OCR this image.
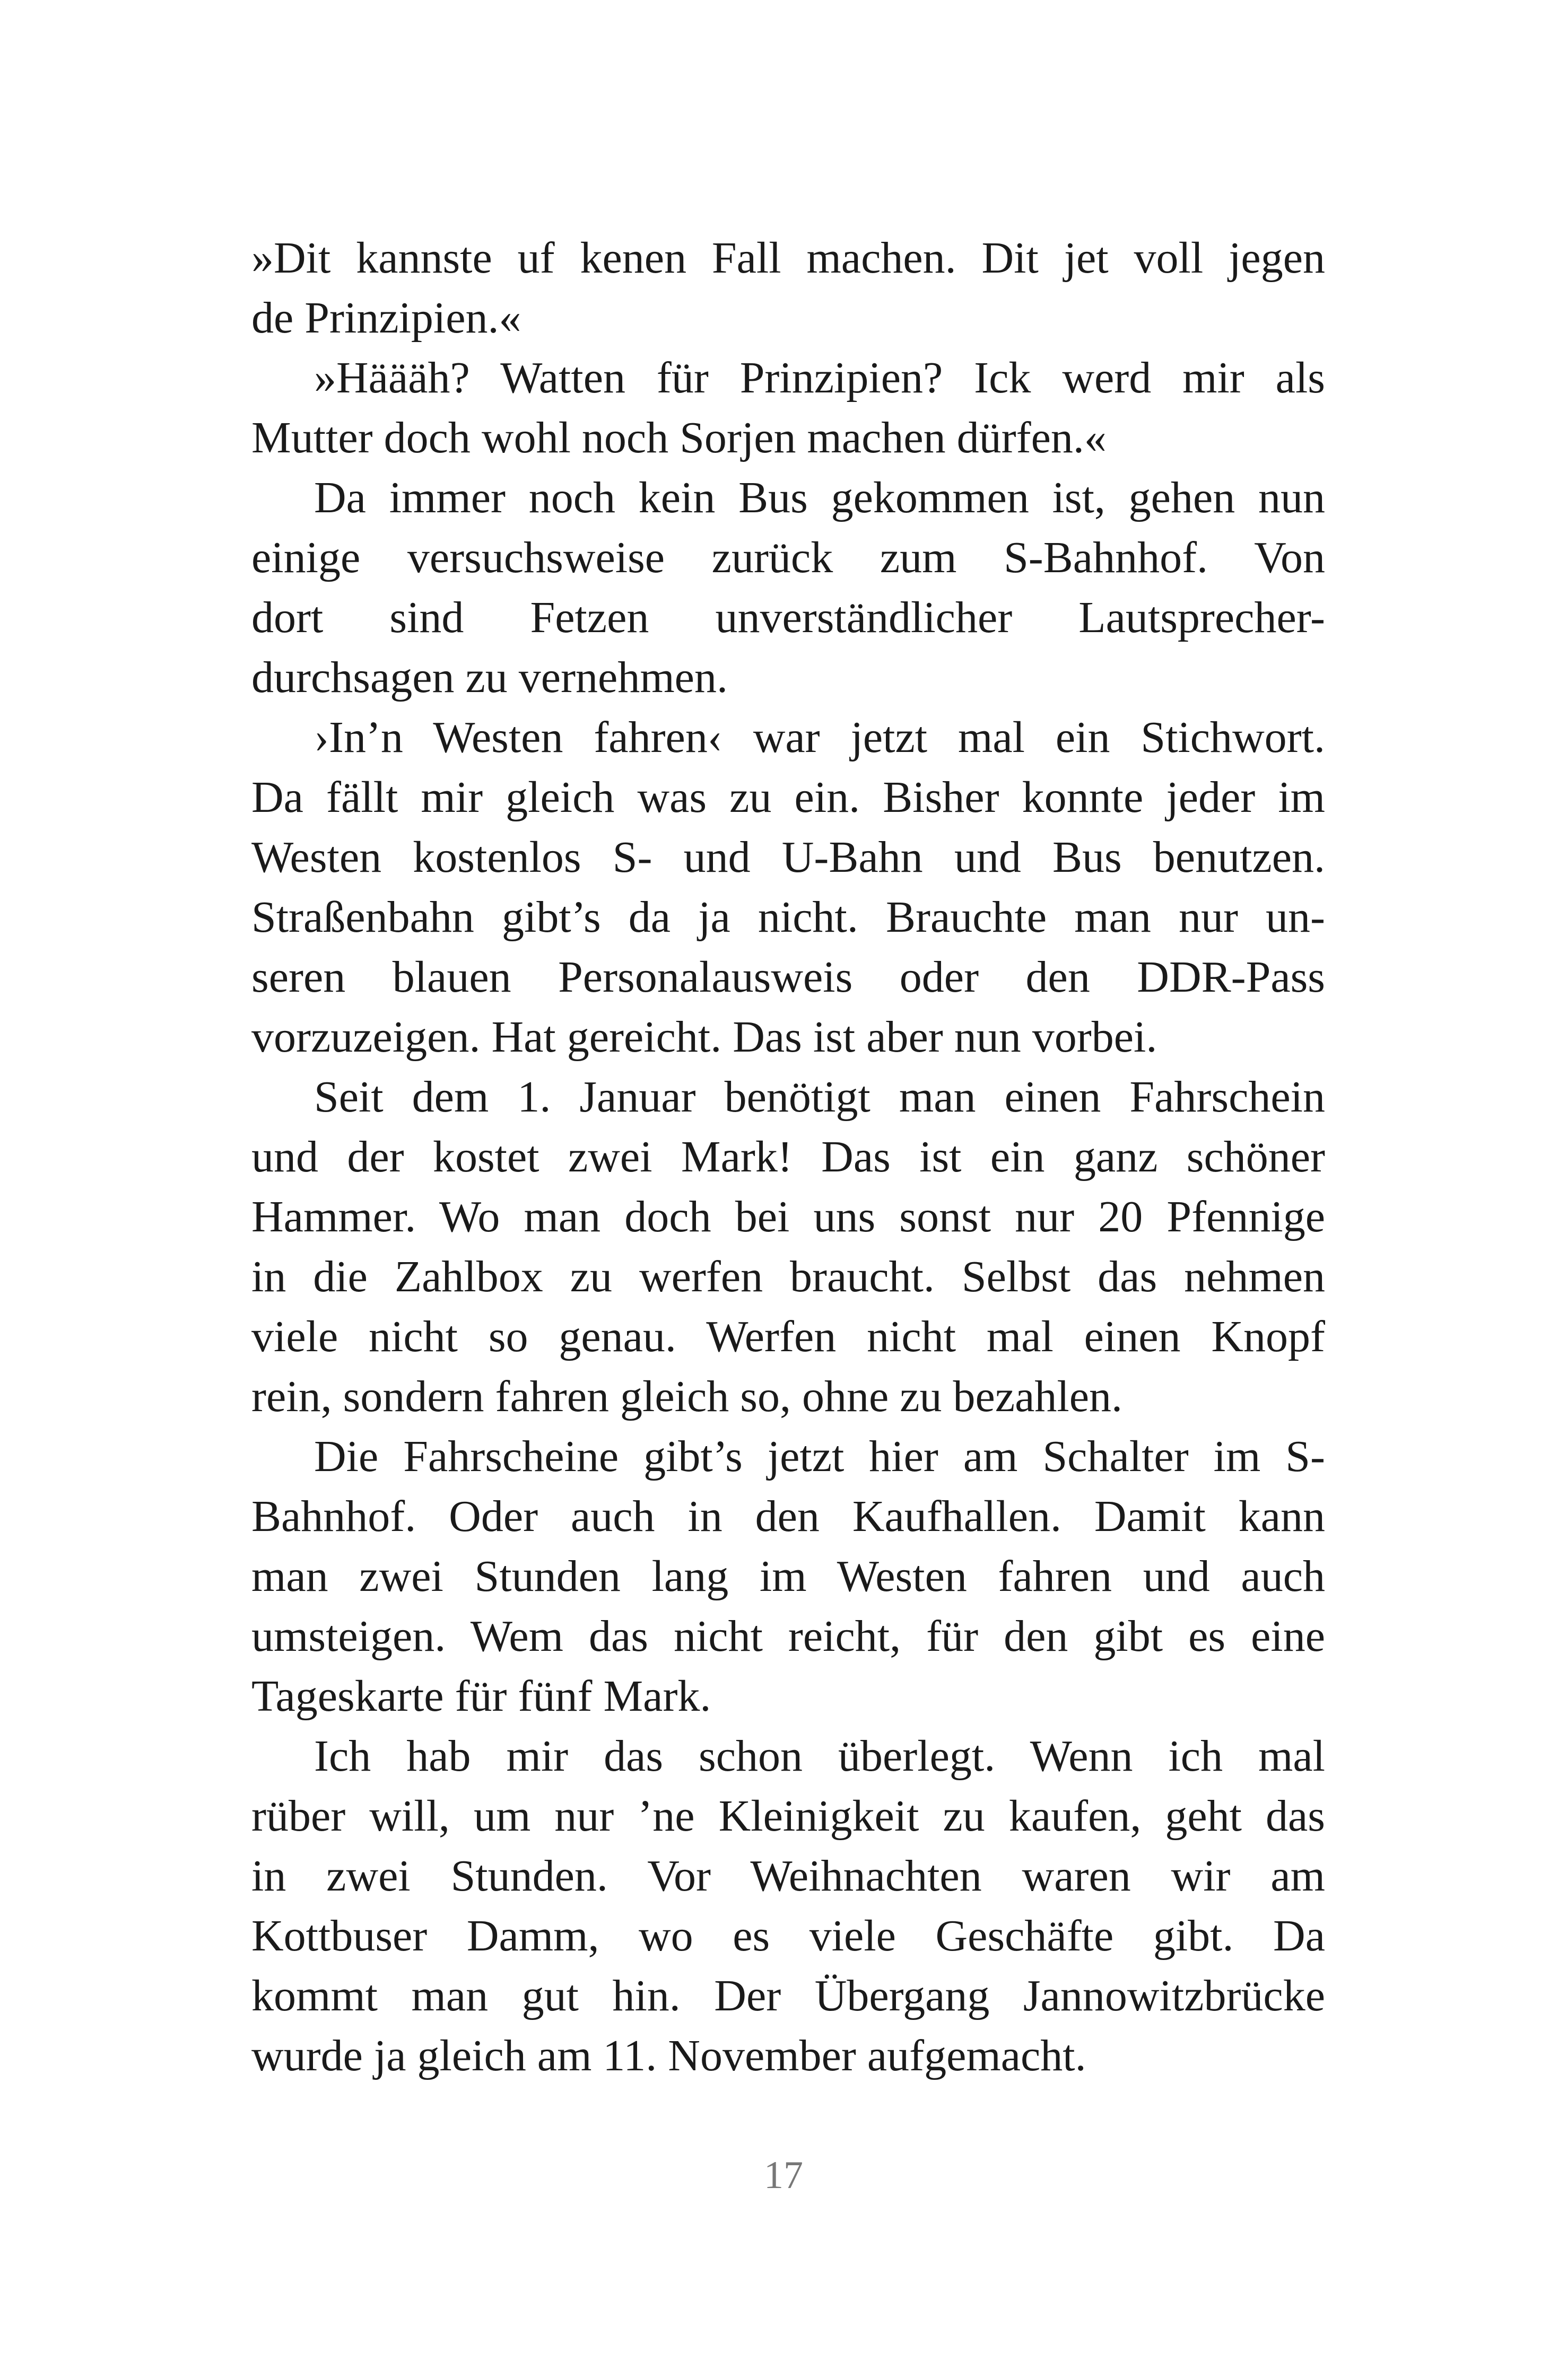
»Dit kannste uf kenen Fall machen. Dit jet voll jegen
de Prinzipien.«
»Häääh? Watten für Prinzipien? Ick werd mir als
Mutter doch wohl noch Sorjen machen dürfen.«
Da immer noch kein Bus gekommen ist, gehen nun
einige versuchsweise zurück zum S-Bahnhof. Von
dort sind Fetzen unverständlicher Lautsprecher-
durchsagen zu vernehmen.
›In’n Westen fahren‹ war jetzt mal ein Stichwort.
Da fällt mir gleich was zu ein. Bisher konnte jeder im
Westen kostenlos S- und U-Bahn und Bus benutzen.
Straßenbahn gibt’s da ja nicht. Brauchte man nur un-
seren blauen Personalausweis oder den DDR-Pass
vorzuzeigen. Hat gereicht. Das ist aber nun vorbei.
Seit dem 1. Januar benötigt man einen Fahrschein
und der kostet zwei Mark! Das ist ein ganz schöner
Hammer. Wo man doch bei uns sonst nur 20 Pfennige
in die Zahlbox zu werfen braucht. Selbst das nehmen
viele nicht so genau. Werfen nicht mal einen Knopf
rein, sondern fahren gleich so, ohne zu bezahlen.
Die Fahrscheine gibt’s jetzt hier am Schalter im S-
Bahnhof. Oder auch in den Kaufhallen. Damit kann
man zwei Stunden lang im Westen fahren und auch
umsteigen. Wem das nicht reicht, für den gibt es eine
Tageskarte für fünf Mark.
Ich hab mir das schon überlegt. Wenn ich mal
rüber will, um nur ’ne Kleinigkeit zu kaufen, geht das
in zwei Stunden. Vor Weihnachten waren wir am
Kottbuser Damm, wo es viele Geschäfte gibt. Da
kommt man gut hin. Der Übergang Jannowitzbrücke
wurde ja gleich am 11. November aufgemacht.
17
